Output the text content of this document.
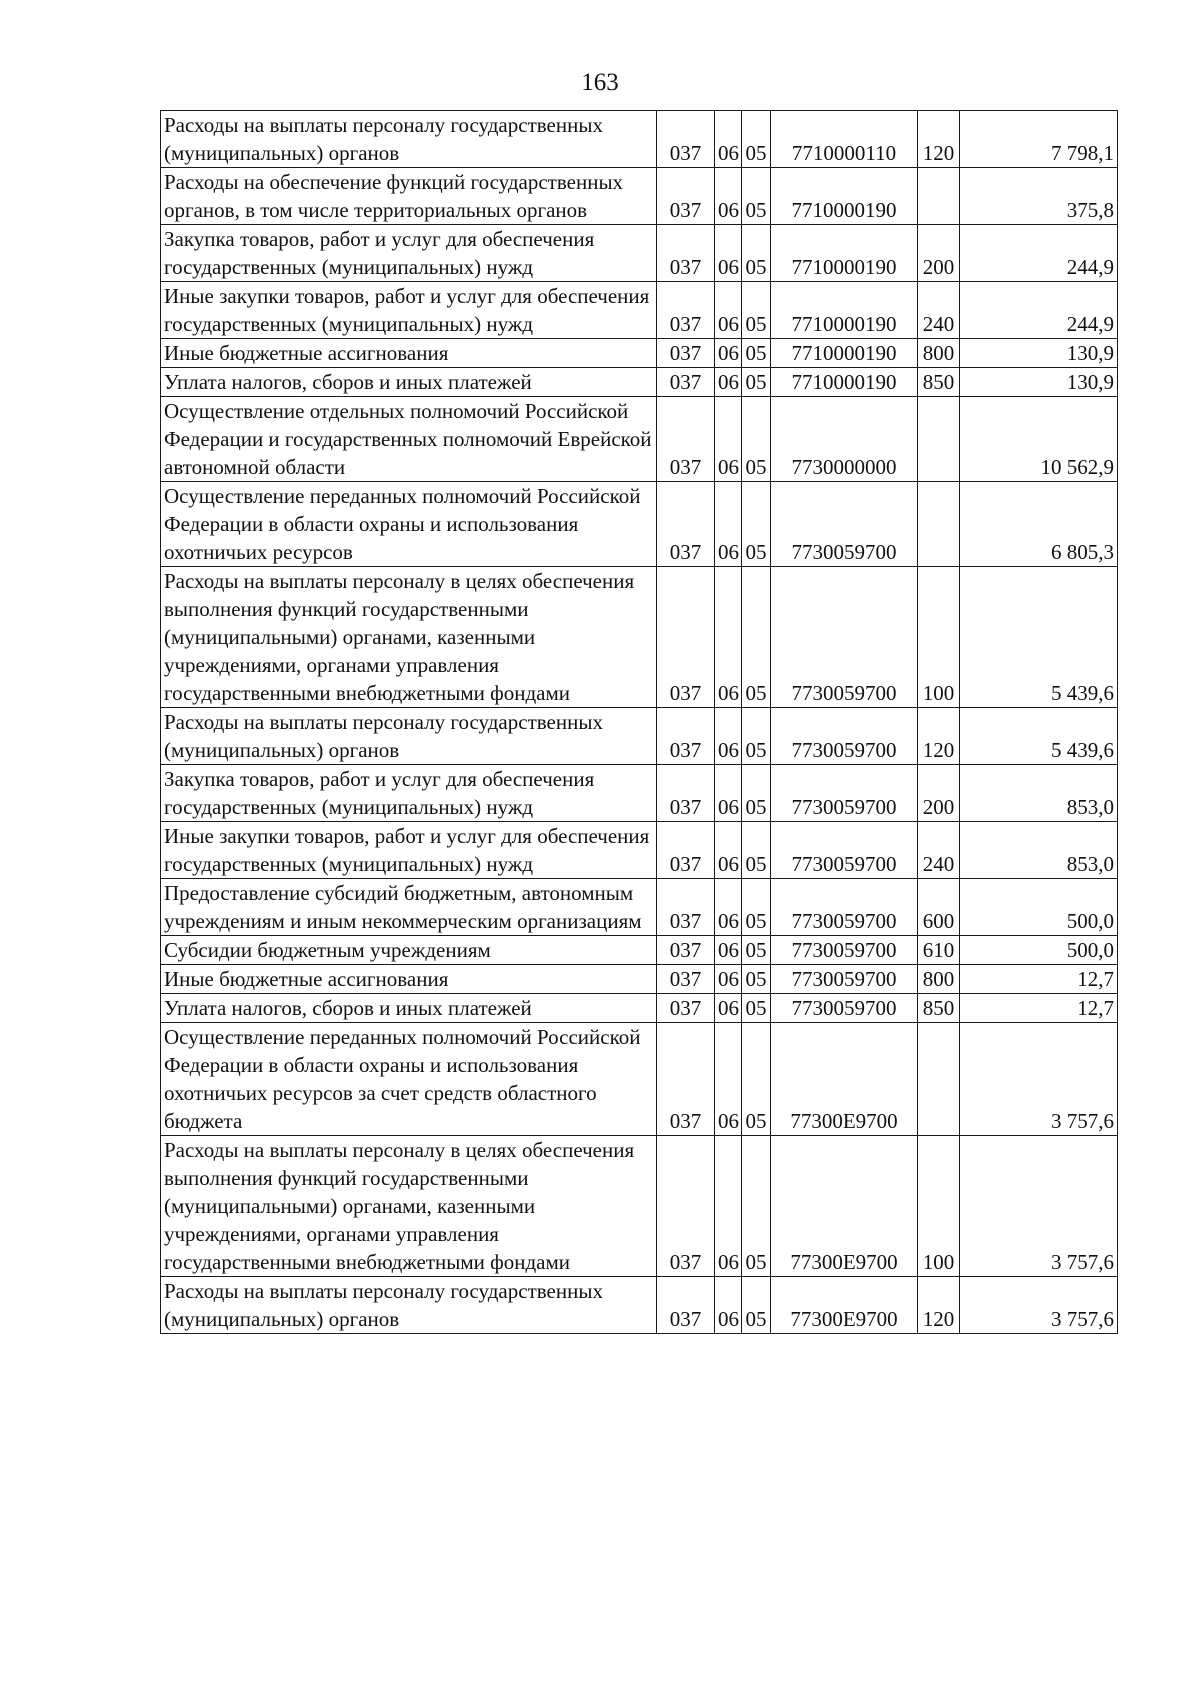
163
Расходы на выплаты персоналу государственных (муниципальных) органов	037	06	05	7710000110	120	7 798,1
Расходы на обеспечение функций государственных органов, в том числе территориальных органов	037	06	05	7710000190		375,8
Закупка товаров, работ и услуг для обеспечения государственных (муниципальных) нужд	037	06	05	7710000190	200	244,9
Иные закупки товаров, работ и услуг для обеспечения государственных (муниципальных) нужд	037	06	05	7710000190	240	244,9
Иные бюджетные ассигнования	037	06	05	7710000190	800	130,9
Уплата налогов, сборов и иных платежей	037	06	05	7710000190	850	130,9
Осуществление отдельных полномочий Российской Федерации и государственных полномочий Еврейской автономной области	037	06	05	7730000000		10 562,9
Осуществление переданных полномочий Российской Федерации в области охраны и использования охотничьих ресурсов	037	06	05	7730059700		6 805,3
Расходы на выплаты персоналу в целях обеспечения выполнения функций государственными (муниципальными) органами, казенными учреждениями, органами управления государственными внебюджетными фондами	037	06	05	7730059700	100	5 439,6
Расходы на выплаты персоналу государственных (муниципальных) органов	037	06	05	7730059700	120	5 439,6
Закупка товаров, работ и услуг для обеспечения государственных (муниципальных) нужд	037	06	05	7730059700	200	853,0
Иные закупки товаров, работ и услуг для обеспечения государственных (муниципальных) нужд	037	06	05	7730059700	240	853,0
Предоставление субсидий бюджетным, автономным учреждениям и иным некоммерческим организациям	037	06	05	7730059700	600	500,0
Субсидии бюджетным учреждениям	037	06	05	7730059700	610	500,0
Иные бюджетные ассигнования	037	06	05	7730059700	800	12,7
Уплата налогов, сборов и иных платежей	037	06	05	7730059700	850	12,7
Осуществление переданных полномочий Российской Федерации в области охраны и использования охотничьих ресурсов за счет средств областного бюджета	037	06	05	77300E9700		3 757,6
Расходы на выплаты персоналу в целях обеспечения выполнения функций государственными (муниципальными) органами, казенными учреждениями, органами управления государственными внебюджетными фондами	037	06	05	77300E9700	100	3 757,6
Расходы на выплаты персоналу государственных (муниципальных) органов	037	06	05	77300E9700	120	3 757,6
